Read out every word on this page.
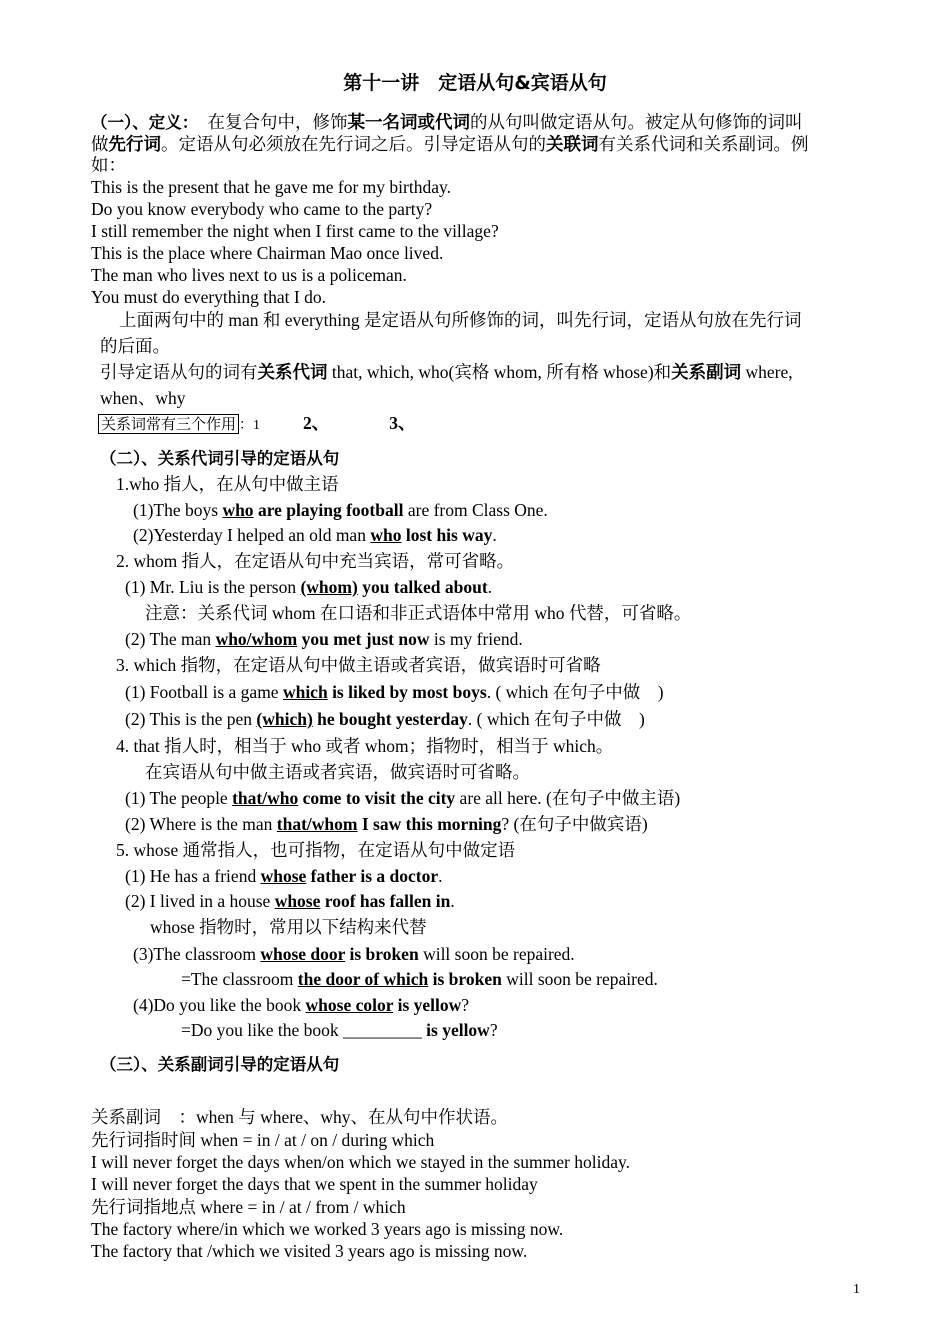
第十一讲　定语从句&宾语从句
（一）、定义：　在复合句中，修饰某一名词或代词的从句叫做定语从句。被定从句修饰的词叫
做先行词。定语从句必须放在先行词之后。引导定语从句的关联词有关系代词和关系副词。例
如：
This is the present that he gave me for my birthday.
Do you know everybody who came to the party?
I still remember the night when I first came to the village?
This is the place where Chairman Mao once lived.
The man who lives next to us is a policeman.
You must do everything that I do.
上面两句中的 man 和 everything 是定语从句所修饰的词，叫先行词，定语从句放在先行词
的后面。
引导定语从句的词有关系代词 that, which, who(宾格 whom, 所有格 whose)和关系副词 where,
when、why
关系词常有三个作用 ：1 2、	3、
（二）、关系代词引导的定语从句
1.who 指人，在从句中做主语
(1)The boys who are playing football are from Class One.
(2)Yesterday I helped an old man who lost his way.
2. whom 指人，在定语从句中充当宾语，常可省略。
(1) Mr. Liu is the person (whom) you talked about.
注意：关系代词 whom 在口语和非正式语体中常用 who 代替，可省略。
(2) The man who/whom you met just now is my friend.
3. which 指物，在定语从句中做主语或者宾语，做宾语时可省略
(1) Football is a game which is liked by most boys. ( which 在句子中做　)
(2) This is the pen (which) he bought yesterday. ( which 在句子中做　)
4. that 指人时，相当于 who 或者 whom；指物时，相当于 which。
在宾语从句中做主语或者宾语，做宾语时可省略。
(1) The people that/who come to visit the city are all here. (在句子中做主语)
(2) Where is the man that/whom I saw this morning? (在句子中做宾语)
5. whose 通常指人，也可指物，在定语从句中做定语
(1) He has a friend whose father is a doctor.
(2) I lived in a house whose roof has fallen in.
whose 指物时，常用以下结构来代替
(3)The classroom whose door is broken will soon be repaired.
=The classroom the door of which is broken will soon be repaired.
(4)Do you like the book whose color is yellow?
=Do you like the book _________ is yellow?
（三）、关系副词引导的定语从句
关系副词　：when 与 where、why、在从句中作状语。
先行词指时间 when = in / at / on / during which
I will never forget the days when/on which we stayed in the summer holiday.
I will never forget the days that we spent in the summer holiday
先行词指地点 where = in / at / from / which
The factory where/in which we worked 3 years ago is missing now.
The factory that /which we visited 3 years ago is missing now.
1
